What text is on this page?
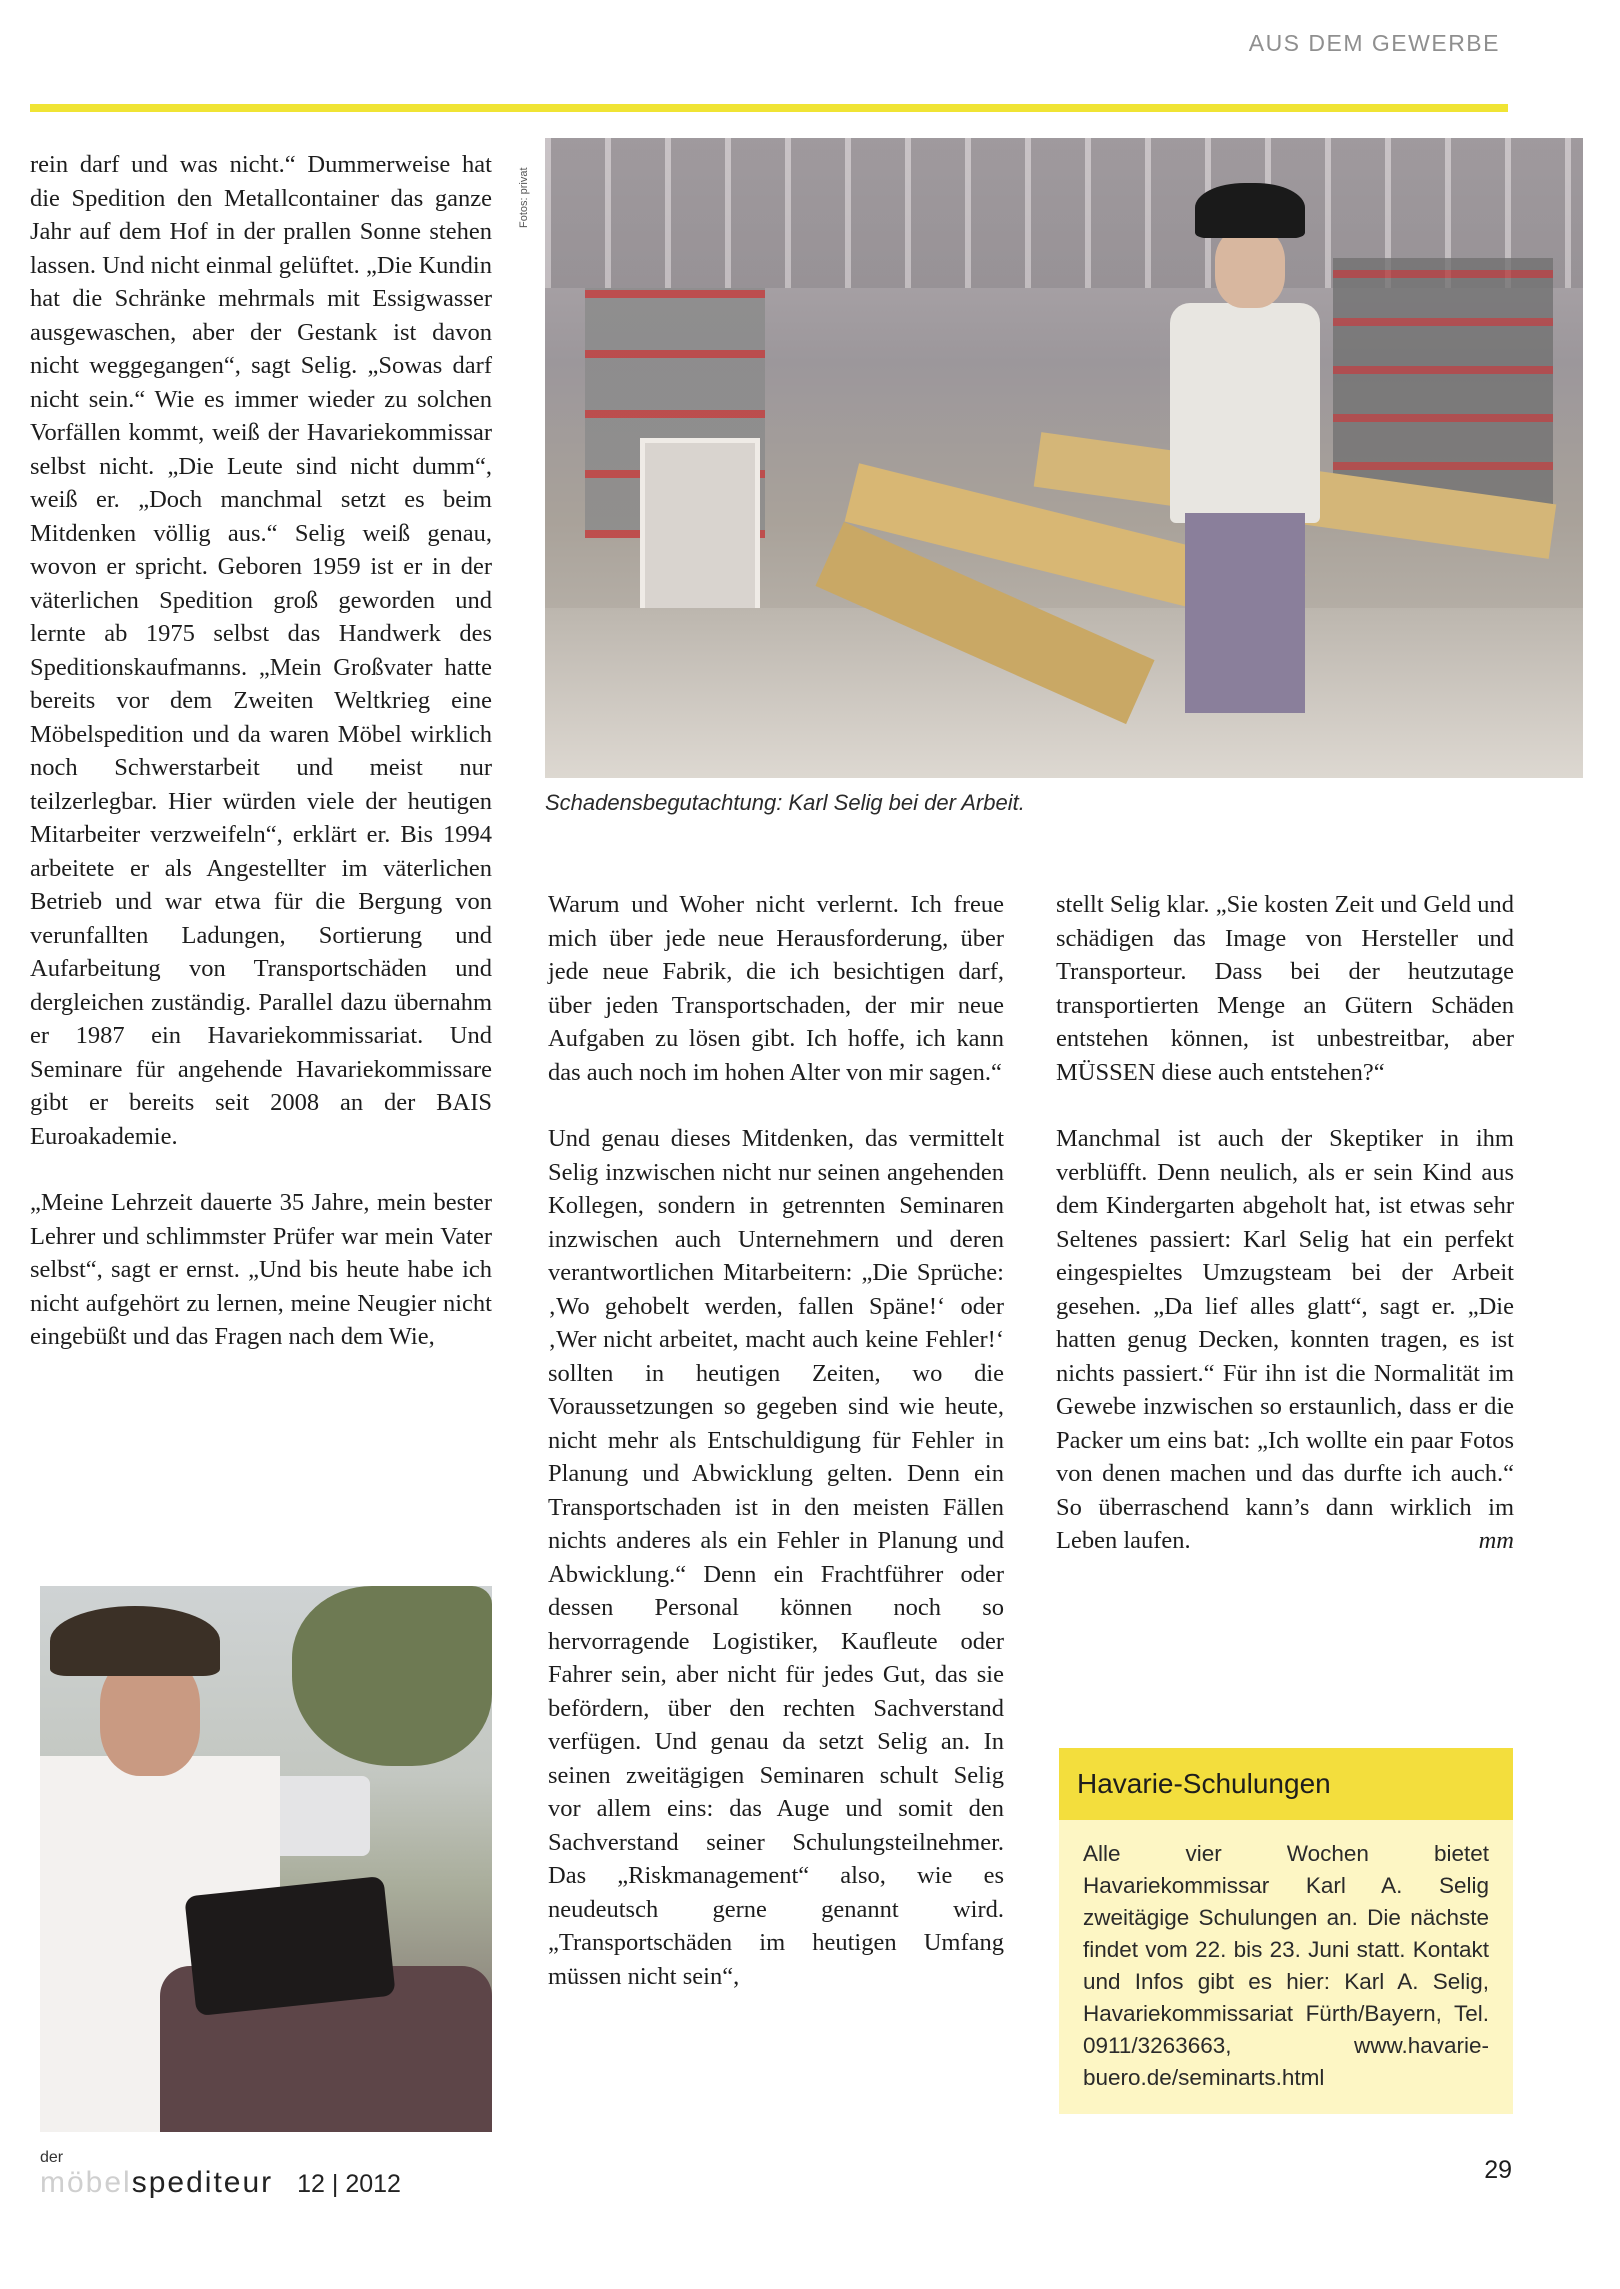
AUS DEM GEWERBE

rein darf und was nicht.“ Dummerweise hat die Spedition den Metallcontainer das ganze Jahr auf dem Hof in der prallen Sonne stehen lassen. Und nicht einmal gelüftet. „Die Kundin hat die Schränke mehrmals mit Essigwasser ausgewaschen, aber der Gestank ist davon nicht weggegangen“, sagt Selig. „Sowas darf nicht sein.“ Wie es immer wieder zu solchen Vorfällen kommt, weiß der Havariekommissar selbst nicht. „Die Leute sind nicht dumm“, weiß er. „Doch manchmal setzt es beim Mitdenken völlig aus.“ Selig weiß genau, wovon er spricht. Geboren 1959 ist er in der väterlichen Spedition groß geworden und lernte ab 1975 selbst das Handwerk des Speditionskaufmanns. „Mein Großvater hatte bereits vor dem Zweiten Weltkrieg eine Möbelspedition und da waren Möbel wirklich noch Schwerstarbeit und meist nur teilzerlegbar. Hier würden viele der heutigen Mitarbeiter verzweifeln“, erklärt er. Bis 1994 arbeitete er als Angestellter im väterlichen Betrieb und war etwa für die Bergung von verunfallten Ladungen, Sortierung und Aufarbeitung von Transportschäden und dergleichen zuständig. Parallel dazu übernahm er 1987 ein Havariekommissariat. Und Seminare für angehende Havariekommissare gibt er bereits seit 2008 an der BAIS Euroakademie.

„Meine Lehrzeit dauerte 35 Jahre, mein bester Lehrer und schlimmster Prüfer war mein Vater selbst“, sagt er ernst. „Und bis heute habe ich nicht aufgehört zu lernen, meine Neugier nicht eingebüßt und das Fragen nach dem Wie,

Fotos: privat
Schadensbegutachtung: Karl Selig bei der Arbeit.

Warum und Woher nicht verlernt. Ich freue mich über jede neue Herausforderung, über jede neue Fabrik, die ich besichtigen darf, über jeden Transportschaden, der mir neue Aufgaben zu lösen gibt. Ich hoffe, ich kann das auch noch im hohen Alter von mir sagen.“

Und genau dieses Mitdenken, das vermittelt Selig inzwischen nicht nur seinen angehenden Kollegen, sondern in getrennten Seminaren inzwischen auch Unternehmern und deren verantwortlichen Mitarbeitern: „Die Sprüche: ‚Wo gehobelt werden, fallen Späne!‘ oder ‚Wer nicht arbeitet, macht auch keine Fehler!‘ sollten in heutigen Zeiten, wo die Voraussetzungen so gegeben sind wie heute, nicht mehr als Entschuldigung für Fehler in Planung und Abwicklung gelten. Denn ein Transportschaden ist in den meisten Fällen nichts anderes als ein Fehler in Planung und Abwicklung.“ Denn ein Frachtführer oder dessen Personal können noch so hervorragende Logistiker, Kaufleute oder Fahrer sein, aber nicht für jedes Gut, das sie befördern, über den rechten Sachverstand verfügen. Und genau da setzt Selig an. In seinen zweitägigen Seminaren schult Selig vor allem eins: das Auge und somit den Sachverstand seiner Schulungsteilnehmer. Das „Riskmanagement“ also, wie es neudeutsch gerne genannt wird. „Transportschäden im heutigen Umfang müssen nicht sein“,

stellt Selig klar. „Sie kosten Zeit und Geld und schädigen das Image von Hersteller und Transporteur. Dass bei der heutzutage transportierten Menge an Gütern Schäden entstehen können, ist unbestreitbar, aber MÜSSEN diese auch entstehen?“

Manchmal ist auch der Skeptiker in ihm verblüfft. Denn neulich, als er sein Kind aus dem Kindergarten abgeholt hat, ist etwas sehr Seltenes passiert: Karl Selig hat ein perfekt eingespieltes Umzugsteam bei der Arbeit gesehen. „Da lief alles glatt“, sagt er. „Die hatten genug Decken, konnten tragen, es ist nichts passiert.“ Für ihn ist die Normalität im Gewebe inzwischen so erstaunlich, dass er die Packer um eins bat: „Ich wollte ein paar Fotos von denen machen und das durfte ich auch.“ So überraschend kann’s dann wirklich im Leben laufen.	mm

Havarie-Schulungen
Alle vier Wochen bietet Havariekommissar Karl A. Selig zweitägige Schulungen an. Die nächste findet vom 22. bis 23. Juni statt. Kontakt und Infos gibt es hier: Karl A. Selig, Havariekommissariat Fürth/Bayern, Tel. 0911/3263663, www.havarie-buero.de/seminarts.html
der
möbelspediteur 12 | 2012	29
